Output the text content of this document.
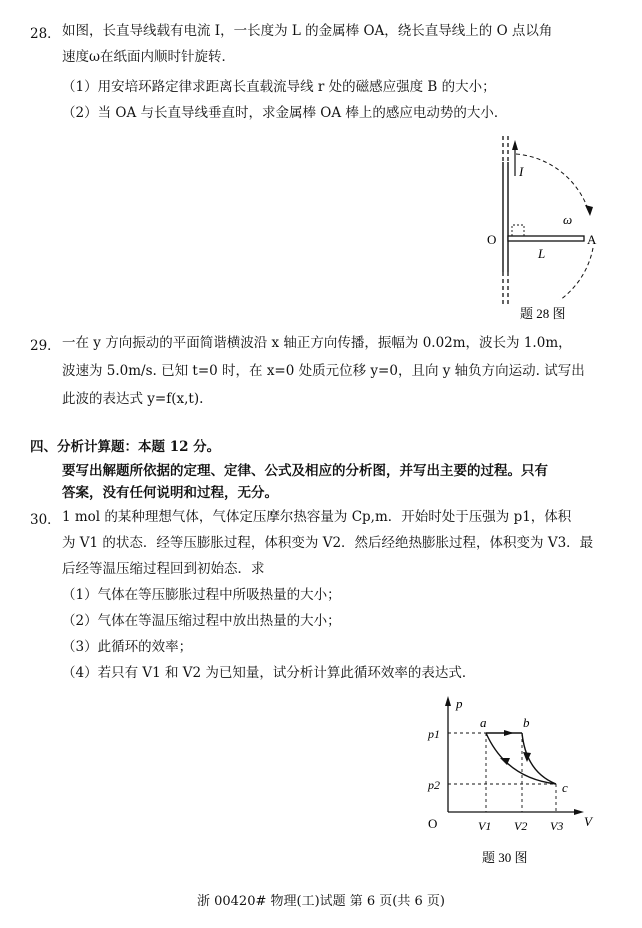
28． 如图，长直导线载有电流 I，一长度为 L 的金属棒 OA，绕长直导线上的 O 点以角
速度ω在纸面内顺时针旋转．
（1）用安培环路定律求距离长直载流导线 r 处的磁感应强度 B 的大小；
（2）当 OA 与长直导线垂直时，求金属棒 OA 棒上的感应电动势的大小．
I
ω
O	A
L
题 28 图
29． 一在 y 方向振动的平面简谐横波沿 x 轴正方向传播，振幅为 0.02m，波长为 1.0m，
波速为 5.0m/s. 已知 t=0 时，在 x=0 处质元位移 y=0，且向 y 轴负方向运动. 试写出
此波的表达式 y=f(x,t).
四、分析计算题：本题 12 分。
要写出解题所依据的定理、定律、公式及相应的分析图，并写出主要的过程。只有
答案，没有任何说明和过程，无分。
30． 1 mol 的某种理想气体，气体定压摩尔热容量为 Cp,m．开始时处于压强为 p1，体积
为 V1 的状态．经等压膨胀过程，体积变为 V2．然后经绝热膨胀过程，体积变为 V3．最
后经等温压缩过程回到初始态．求
（1）气体在等压膨胀过程中所吸热量的大小；
（2）气体在等温压缩过程中放出热量的大小；
（3）此循环的效率；
（4）若只有 V1 和 V2 为已知量，试分析计算此循环效率的表达式．
p
V
O
p1
p2
V1 V2 V3
a	b
c
题 30 图
浙 00420# 物理(工)试题 第 6 页(共 6 页)
